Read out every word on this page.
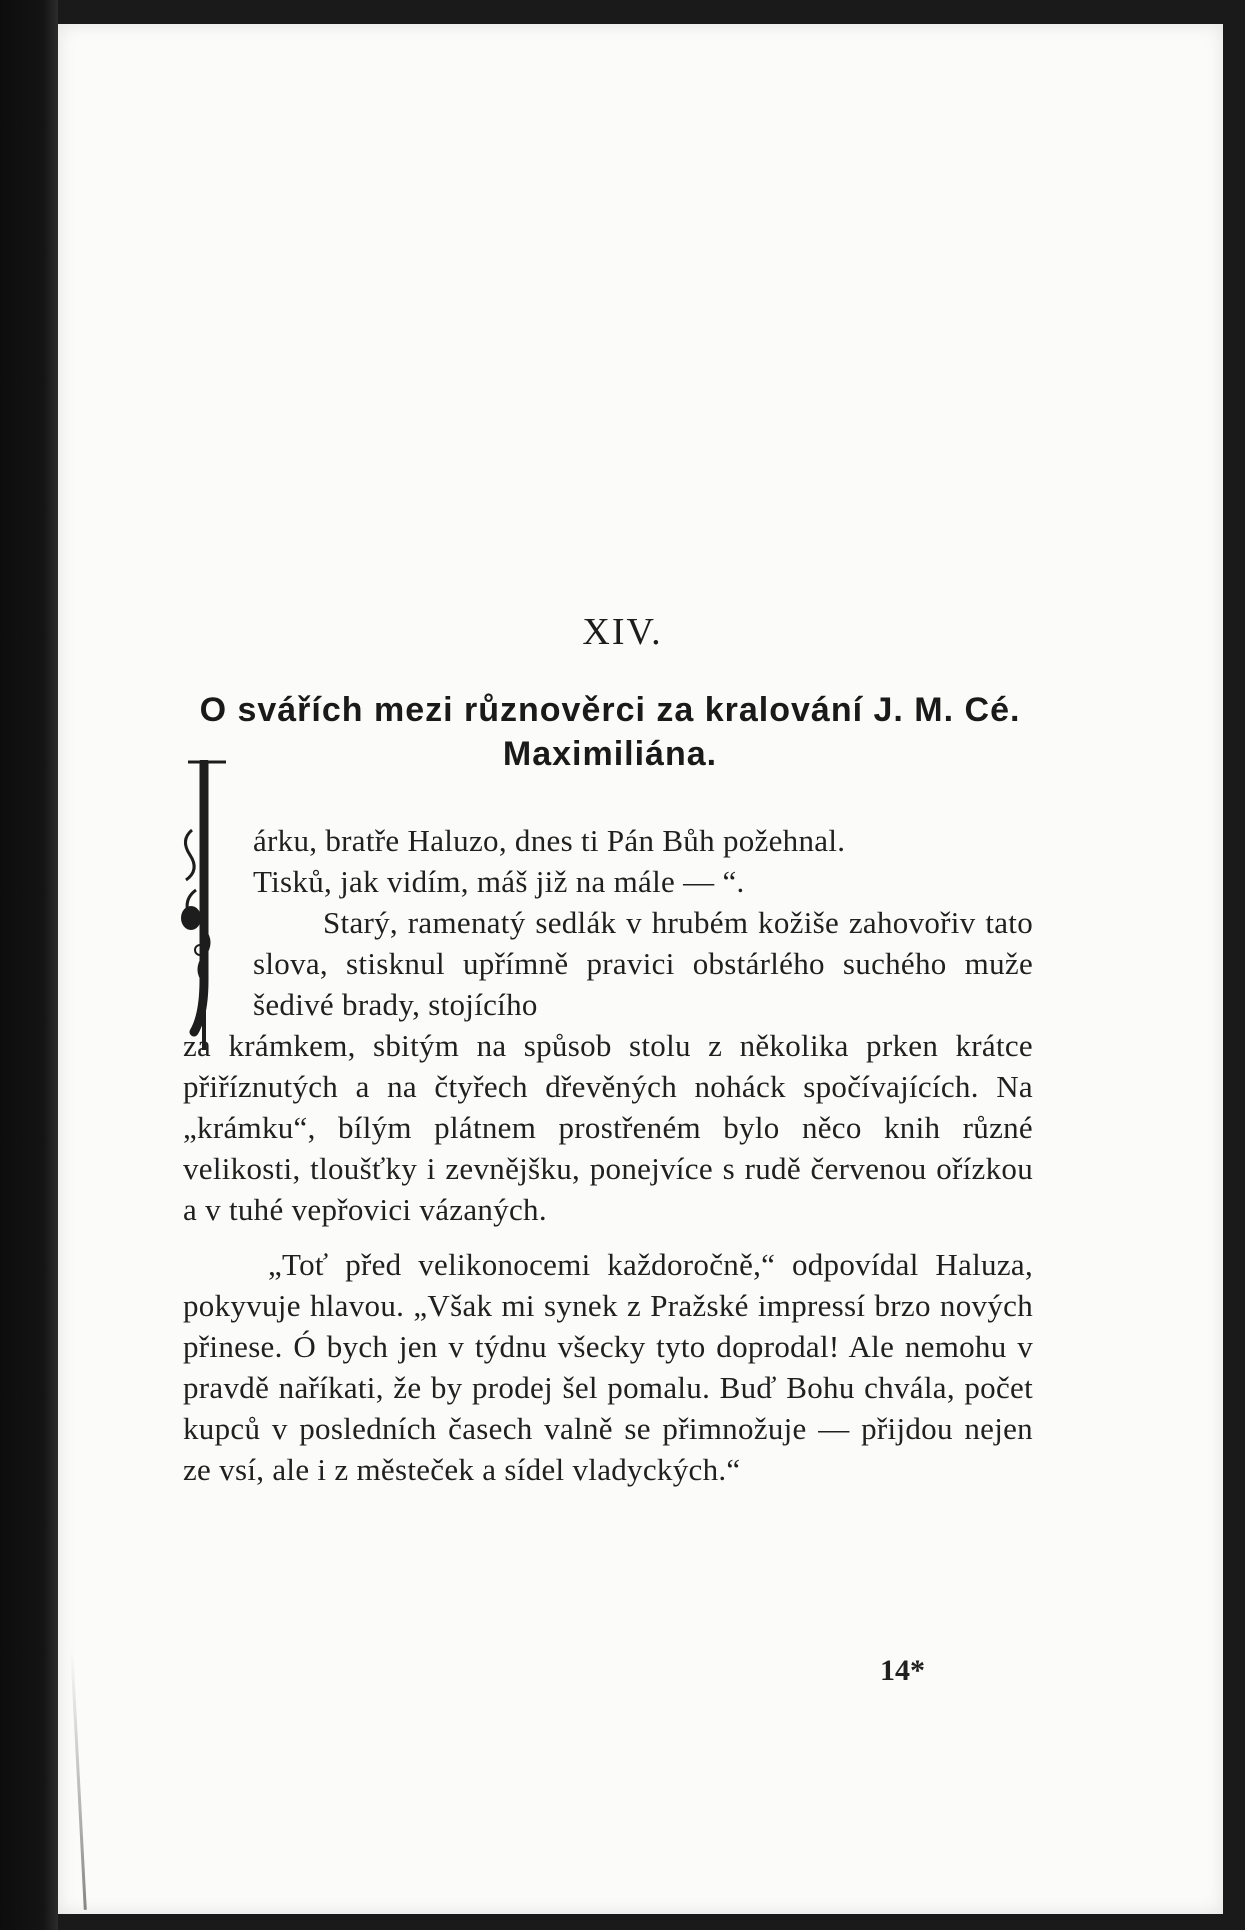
XIV.
O svářích mezi různověrci za kralování J. M. Cé. Maximiliána.

árku, bratře Haluzo, dnes ti Pán Bůh požehnal.
Tisků, jak vidím, máš již na mále — “.

Starý, ramenatý sedlák v hrubém kožiše zahovořiv tato slova, stisknul upřímně pravici obstárlého suchého muže šedivé brady, stojícího

za krámkem, sbitým na spůsob stolu z několika prken krátce přiříznutých a na čtyřech dřevěných noháck spočívajících. Na „krámku“, bílým plátnem prostřeném bylo něco knih různé velikosti, tloušťky i zevnějšku, ponejvíce s rudě červenou ořízkou a v tuhé vepřovici vázaných.

„Toť před velikonocemi každoročně,“ odpovídal Haluza, pokyvuje hlavou. „Však mi synek z Pražské impressí brzo nových přinese. Ó bych jen v týdnu všecky tyto doprodal! Ale nemohu v pravdě naříkati, že by prodej šel pomalu. Buď Bohu chvála, počet kupců v posledních časech valně se přimnožuje — přijdou nejen ze vsí, ale i z městeček a sídel vladyckých.“

14*
